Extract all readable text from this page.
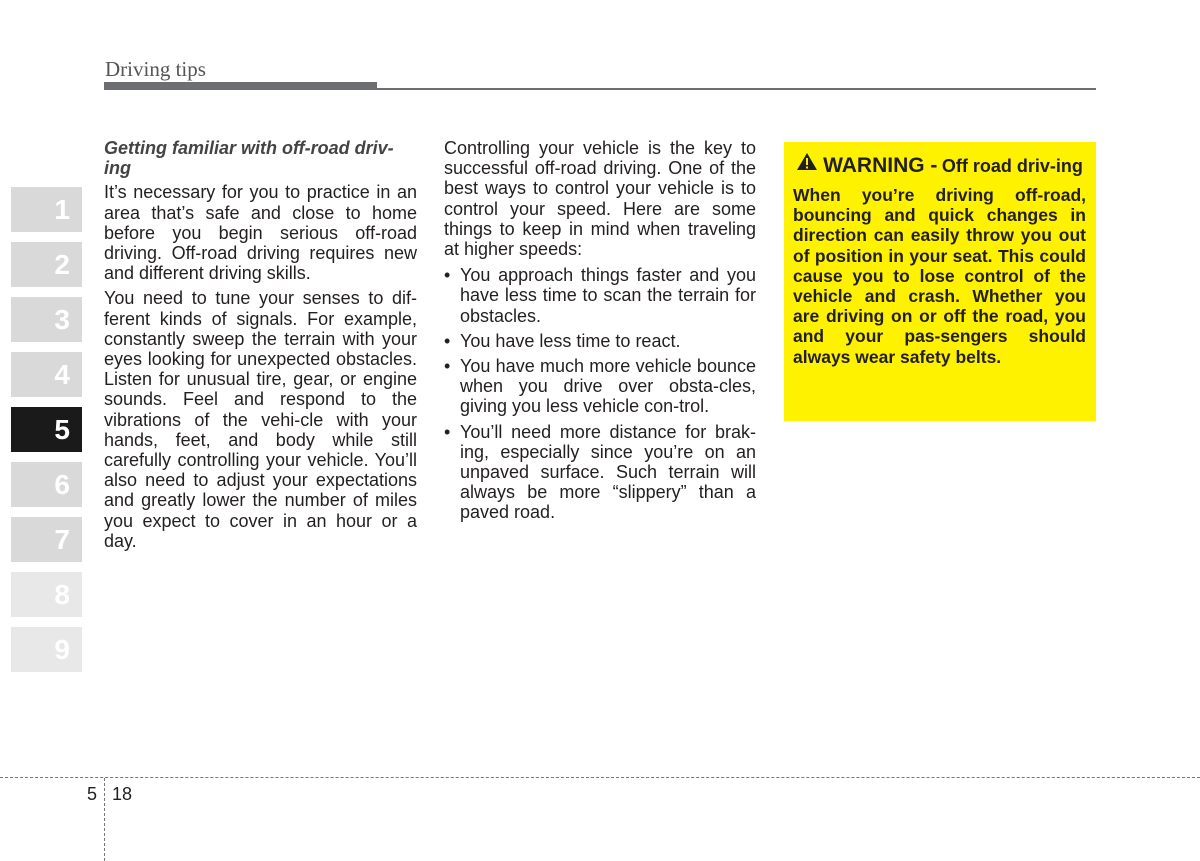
Driving tips
1
2
3
4
5
6
7
8
9

Getting familiar with off-road driv-ing

It’s necessary for you to practice in an area that’s safe and close to home before you begin serious off-road driving. Off-road driving requires new and different driving skills.

You need to tune your senses to dif-ferent kinds of signals. For example, constantly sweep the terrain with your eyes looking for unexpected obstacles. Listen for unusual tire, gear, or engine sounds. Feel and respond to the vibrations of the vehi-cle with your hands, feet, and body while still carefully controlling your vehicle. You’ll also need to adjust your expectations and greatly lower the number of miles you expect to cover in an hour or a day.

Controlling your vehicle is the key to successful off-road driving. One of the best ways to control your vehicle is to control your speed. Here are some things to keep in mind when traveling at higher speeds:

• You approach things faster and you have less time to scan the terrain for obstacles.
• You have less time to react.
• You have much more vehicle bounce when you drive over obsta-cles, giving you less vehicle con-trol.
• You’ll need more distance for brak-ing, especially since you’re on an unpaved surface. Such terrain will always be more “slippery” than a paved road.
WARNING - Off road driv-ing
When you’re driving off-road, bouncing and quick changes in direction can easily throw you out of position in your seat. This could cause you to lose control of the vehicle and crash. Whether you are driving on or off the road, you and your pas-sengers should always wear safety belts.
5 18
